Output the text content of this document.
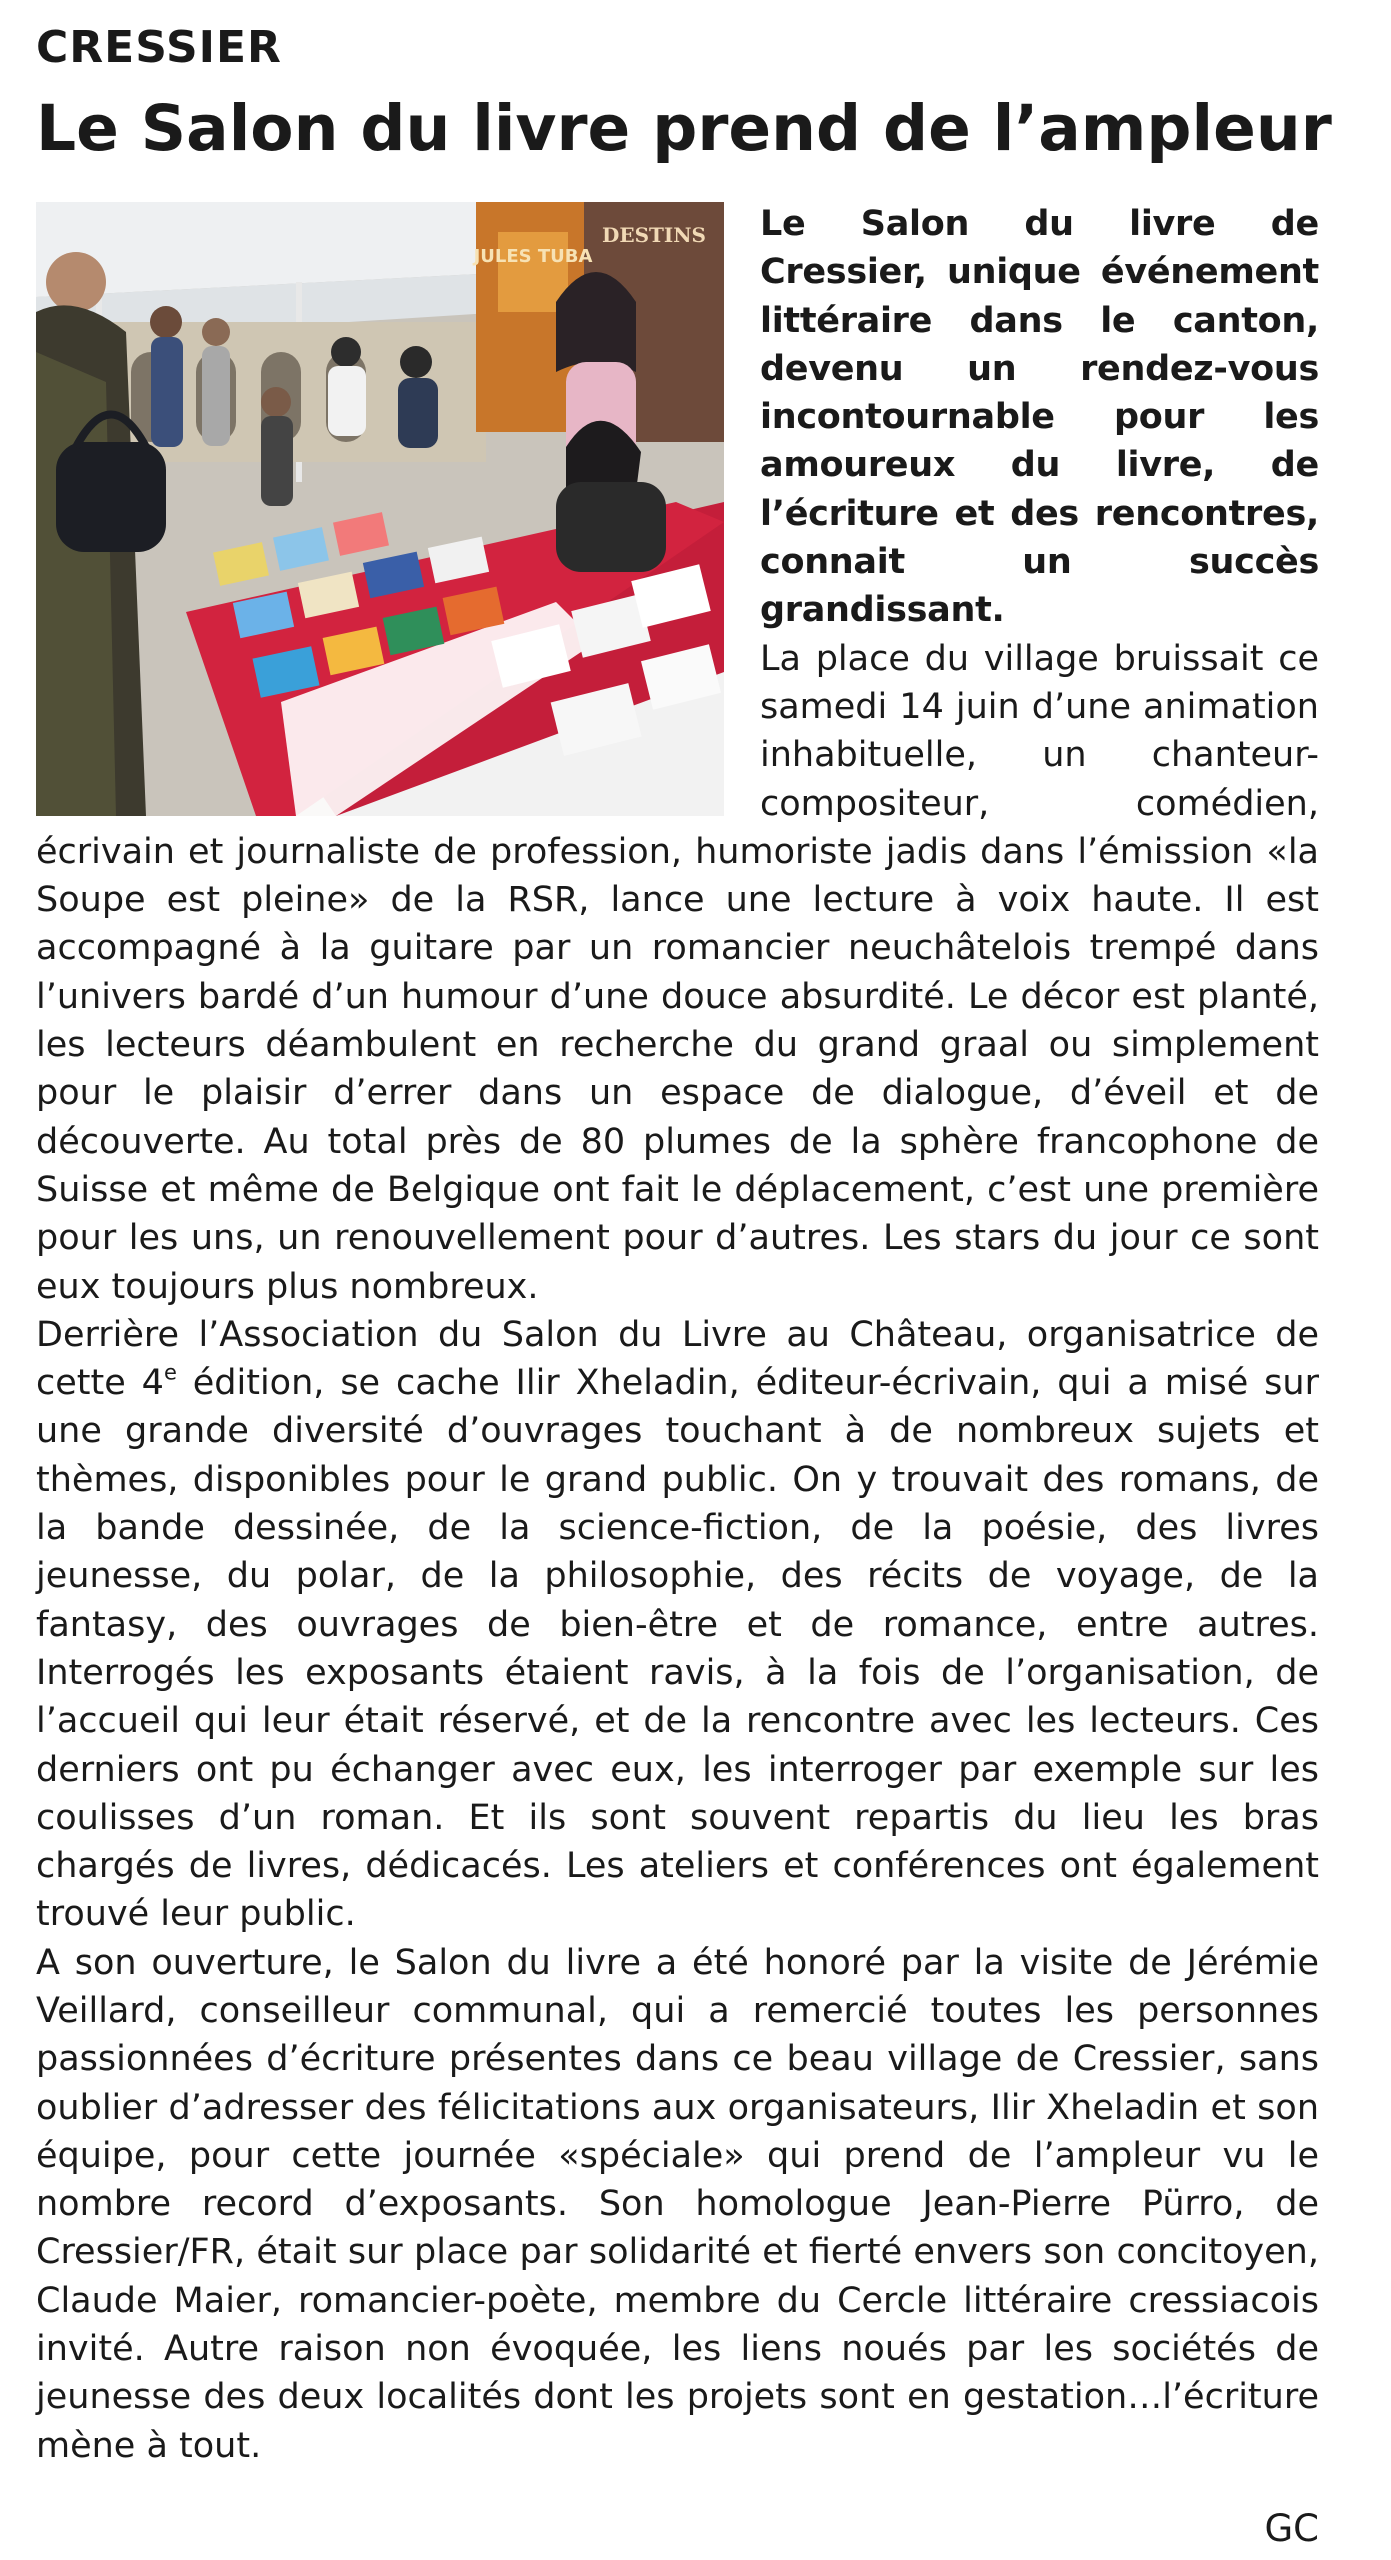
CRESSIER
Le Salon du livre prend de l’ampleur
JULES TUBA
DESTINS	Le Salon du livre de Cressier, unique événement littéraire dans le canton, devenu un rendez-vous incontournable pour les amoureux du livre, de l’écriture et des rencontres, connait un succès grandissant.

La place du village bruissait ce samedi 14 juin d’une animation inhabituelle, un chanteur-compositeur, comédien, écrivain et journaliste de profession, humoriste jadis dans l’émission «la Soupe est pleine» de la RSR, lance une lecture à voix haute. Il est accompagné à la guitare par un romancier neuchâtelois trempé dans l’univers bardé d’un humour d’une douce absurdité. Le décor est planté, les lecteurs déambulent en recherche du grand graal ou simplement pour le plaisir d’errer dans un espace de dialogue, d’éveil et de découverte. Au total près de 80 plumes de la sphère francophone de Suisse et même de Belgique ont fait le déplacement, c’est une première pour les uns, un renouvellement pour d’autres. Les stars du jour ce sont eux toujours plus nombreux.

Derrière l’Association du Salon du Livre au Château, organisatrice de cette 4e édition, se cache Ilir Xheladin, éditeur-écrivain, qui a misé sur une grande diversité d’ouvrages touchant à de nombreux sujets et thèmes, disponibles pour le grand public. On y trouvait des romans, de la bande dessinée, de la science-fiction, de la poésie, des livres jeunesse, du polar, de la philosophie, des récits de voyage, de la fantasy, des ouvrages de bien-être et de romance, entre autres. Interrogés les exposants étaient ravis, à la fois de l’organisation, de l’accueil qui leur était réservé, et de la rencontre avec les lecteurs. Ces derniers ont pu échanger avec eux, les interroger par exemple sur les coulisses d’un roman. Et ils sont souvent repartis du lieu les bras chargés de livres, dédicacés. Les ateliers et conférences ont également trouvé leur public.

A son ouverture, le Salon du livre a été honoré par la visite de Jérémie Veillard, conseilleur communal, qui a remercié toutes les personnes passionnées d’écriture présentes dans ce beau village de Cressier, sans oublier d’adresser des félicitations aux organisateurs, Ilir Xheladin et son équipe, pour cette journée «spéciale» qui prend de l’ampleur vu le nombre record d’exposants. Son homologue Jean-Pierre Pürro, de Cressier/FR, était sur place par solidarité et fierté envers son concitoyen, Claude Maier, romancier-poète, membre du Cercle littéraire cressiacois invité. Autre raison non évoquée, les liens noués par les sociétés de jeunesse des deux localités dont les projets sont en gestation…l’écriture mène à tout.

GC
